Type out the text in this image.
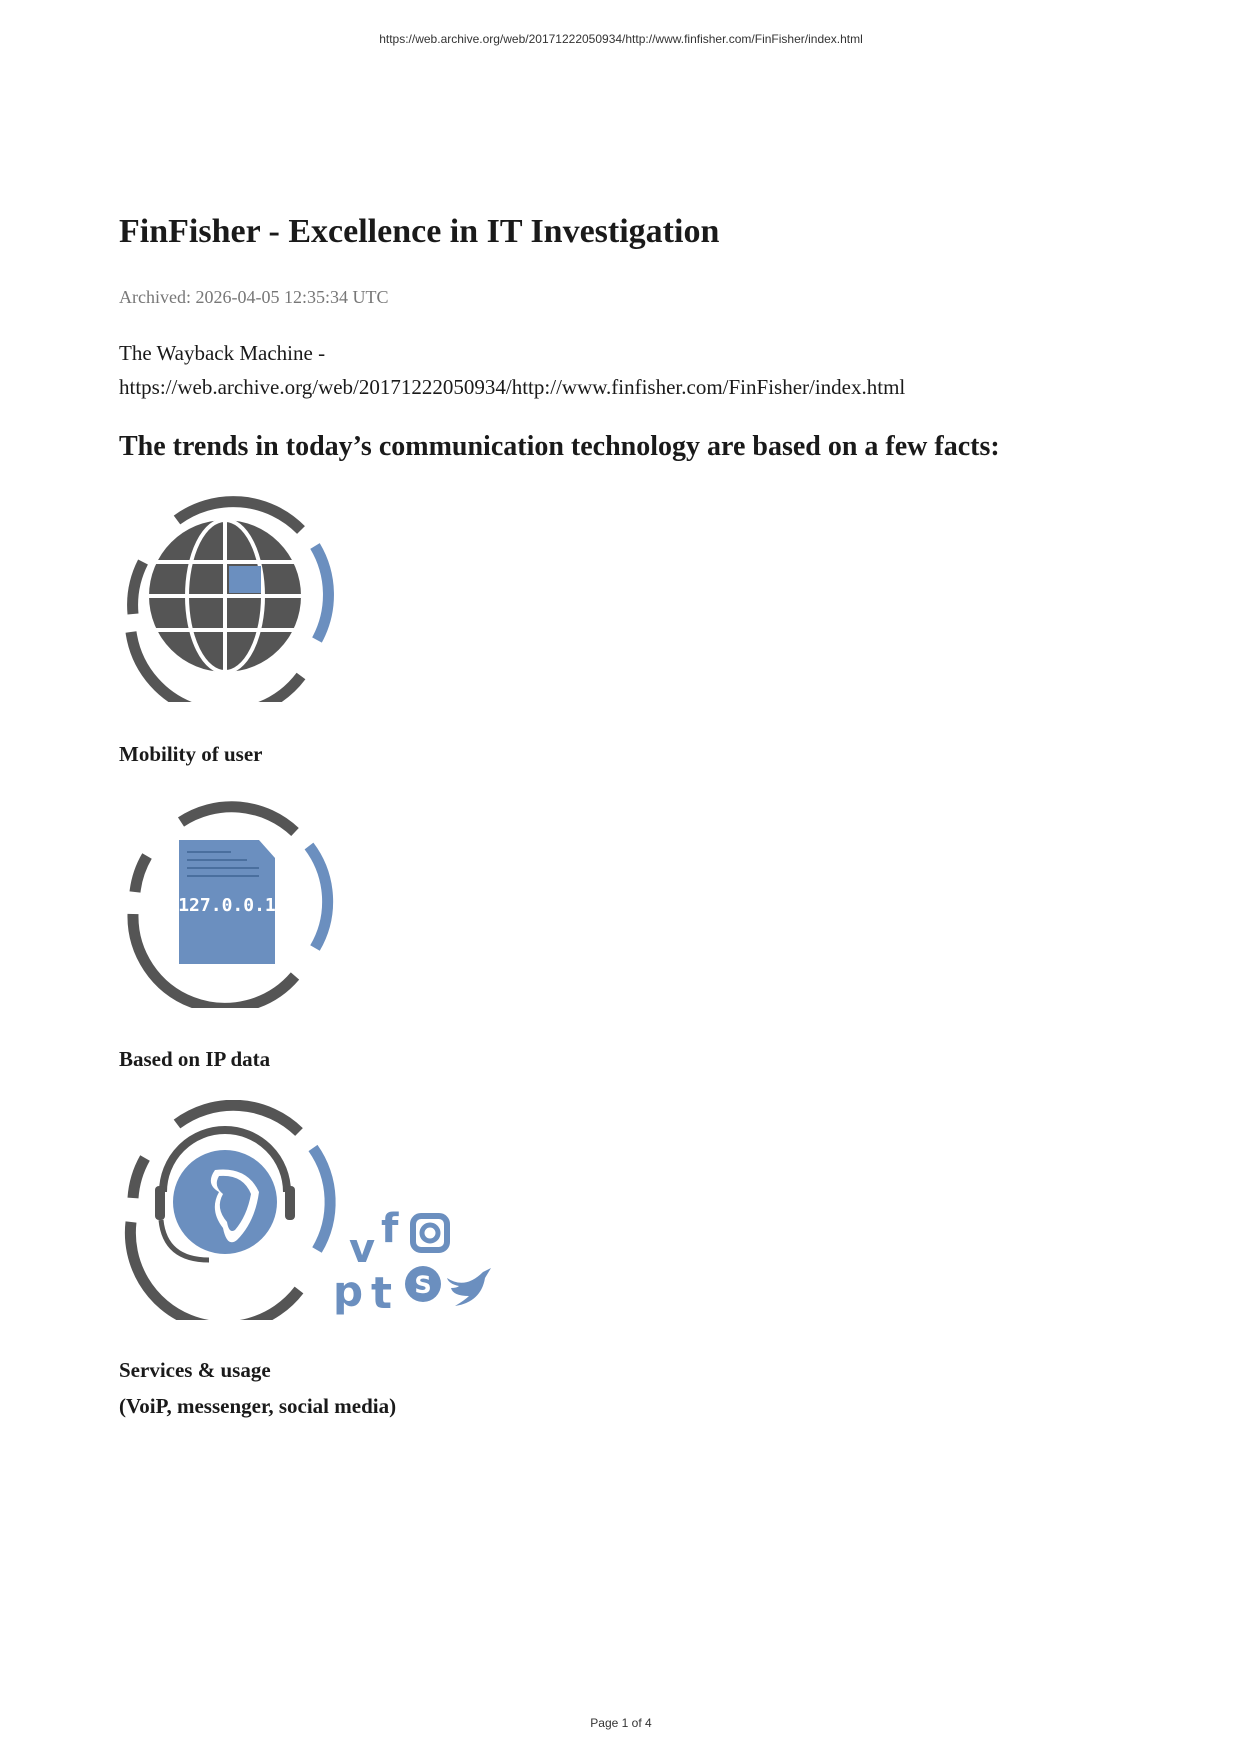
https://web.archive.org/web/20171222050934/http://www.finfisher.com/FinFisher/index.html
FinFisher - Excellence in IT Investigation
Archived: 2026-04-05 12:35:34 UTC
The Wayback Machine -
https://web.archive.org/web/20171222050934/http://www.finfisher.com/FinFisher/index.html
The trends in today’s communication technology are based on a few facts:
Mobility of user
127.0.0.1
Based on IP data
v f
p t S
Services & usage
(VoiP, messenger, social media)
Page 1 of 4
